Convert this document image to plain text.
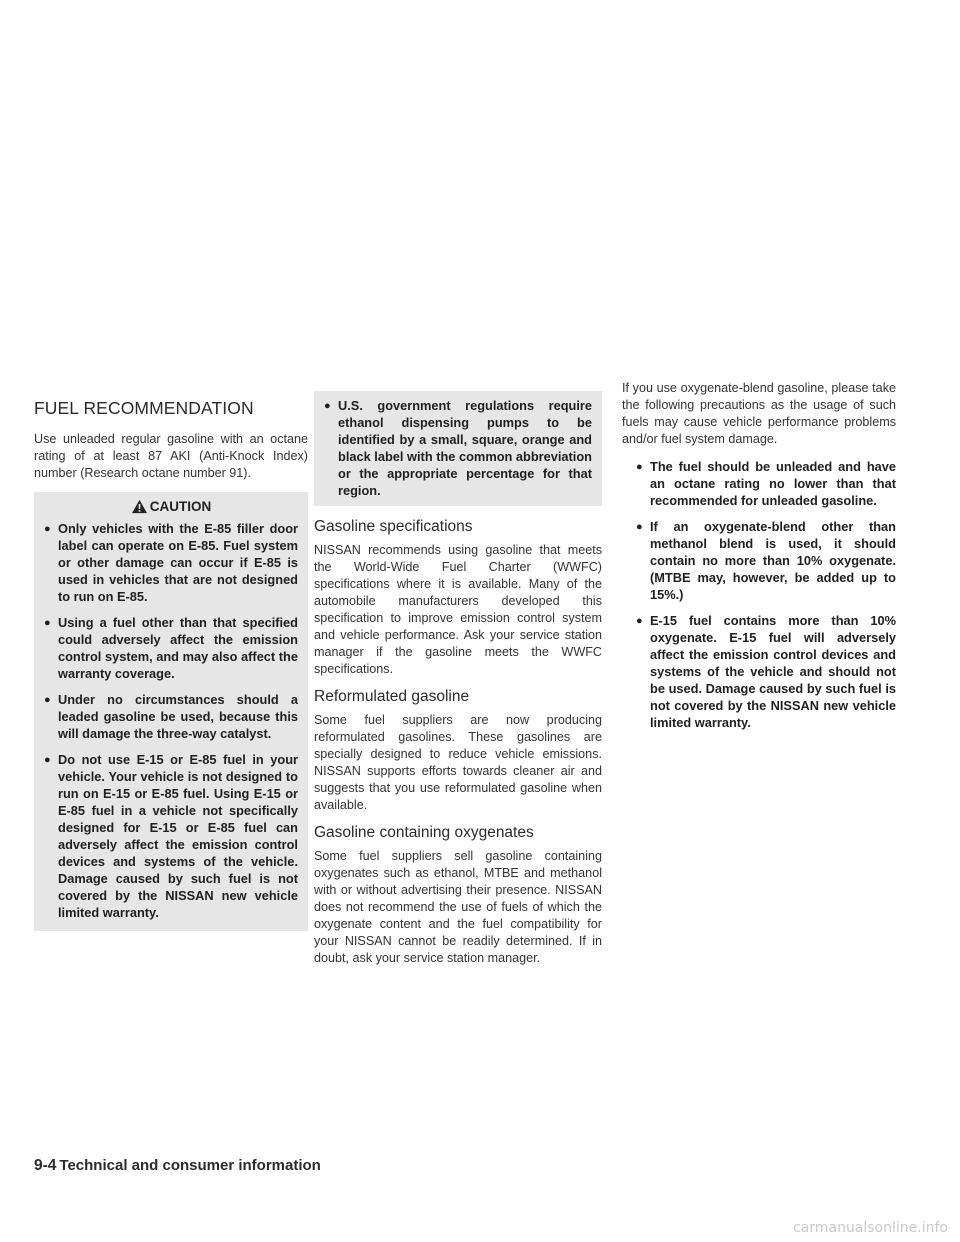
FUEL RECOMMENDATION

Use unleaded regular gasoline with an octane rating of at least 87 AKI (Anti-Knock Index) number (Research octane number 91).

CAUTION
● Only vehicles with the E-85 filler door label can operate on E-85. Fuel system or other damage can occur if E-85 is used in vehicles that are not designed to run on E-85.
● Using a fuel other than that specified could adversely affect the emission control system, and may also affect the warranty coverage.
● Under no circumstances should a leaded gasoline be used, because this will damage the three-way catalyst.
● Do not use E-15 or E-85 fuel in your vehicle. Your vehicle is not designed to run on E-15 or E-85 fuel. Using E-15 or E-85 fuel in a vehicle not specifically designed for E-15 or E-85 fuel can adversely affect the emission control devices and systems of the vehicle. Damage caused by such fuel is not covered by the NISSAN new vehicle limited warranty.
● U.S. government regulations require ethanol dispensing pumps to be identified by a small, square, orange and black label with the common abbreviation or the appropriate percentage for that region.
Gasoline specifications

NISSAN recommends using gasoline that meets the World-Wide Fuel Charter (WWFC) specifications where it is available. Many of the automobile manufacturers developed this specification to improve emission control system and vehicle performance. Ask your service station manager if the gasoline meets the WWFC specifications.

Reformulated gasoline

Some fuel suppliers are now producing reformulated gasolines. These gasolines are specially designed to reduce vehicle emissions. NISSAN supports efforts towards cleaner air and suggests that you use reformulated gasoline when available.

Gasoline containing oxygenates

Some fuel suppliers sell gasoline containing oxygenates such as ethanol, MTBE and methanol with or without advertising their presence. NISSAN does not recommend the use of fuels of which the oxygenate content and the fuel compatibility for your NISSAN cannot be readily determined. If in doubt, ask your service station manager.

If you use oxygenate-blend gasoline, please take the following precautions as the usage of such fuels may cause vehicle performance problems and/or fuel system damage.

● The fuel should be unleaded and have an octane rating no lower than that recommended for unleaded gasoline.
● If an oxygenate-blend other than methanol blend is used, it should contain no more than 10% oxygenate. (MTBE may, however, be added up to 15%.)
● E-15 fuel contains more than 10% oxygenate. E-15 fuel will adversely affect the emission control devices and systems of the vehicle and should not be used. Damage caused by such fuel is not covered by the NISSAN new vehicle limited warranty.
9-4 Technical and consumer information
carmanualsonline.info
